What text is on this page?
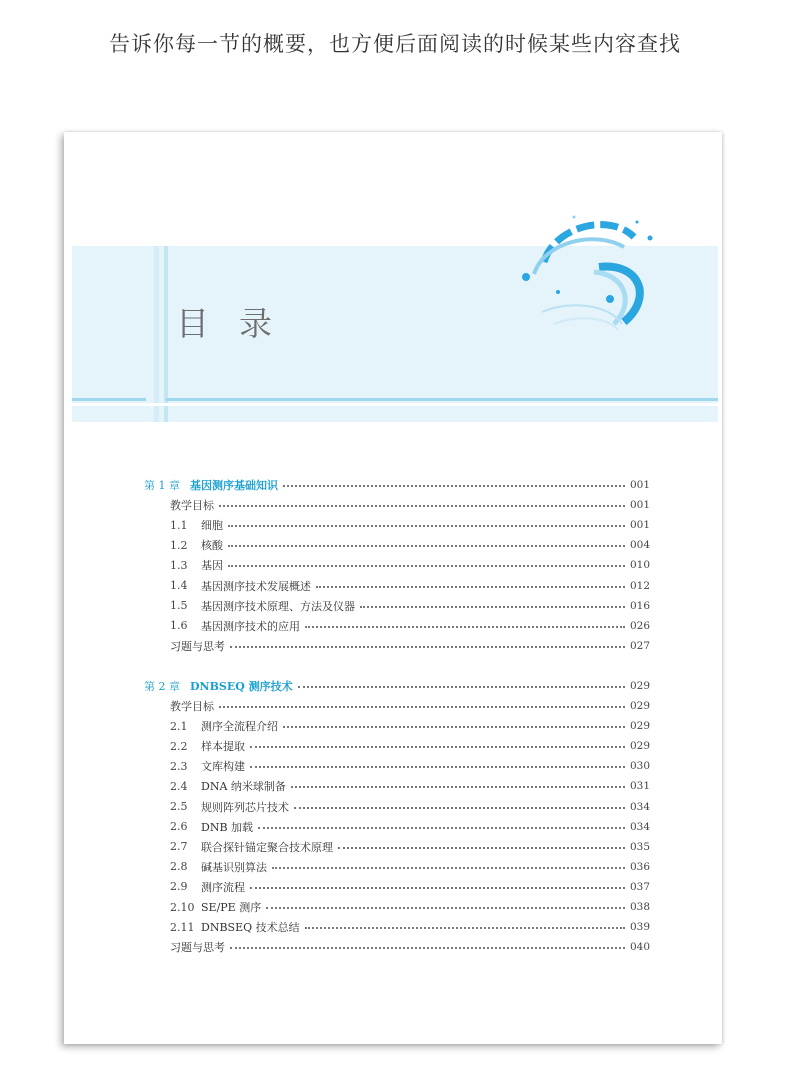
告诉你每一节的概要，也方便后面阅读的时候某些内容查找
目录
第 1 章 基因测序基础知识	001
教学目标	001
1.1	细胞	001
1.2	核酸	004
1.3	基因	010
1.4	基因测序技术发展概述	012
1.5	基因测序技术原理、方法及仪器	016
1.6	基因测序技术的应用	026
习题与思考	027
第 2 章 DNBSEQ 测序技术	029
教学目标	029
2.1	测序全流程介绍	029
2.2	样本提取	029
2.3	文库构建	030
2.4	DNA 纳米球制备	031
2.5	规则阵列芯片技术	034
2.6	DNB 加载	034
2.7	联合探针锚定聚合技术原理	035
2.8	碱基识别算法	036
2.9	测序流程	037
2.10 SE/PE 测序	038
2.11 DNBSEQ 技术总结	039
习题与思考	040
